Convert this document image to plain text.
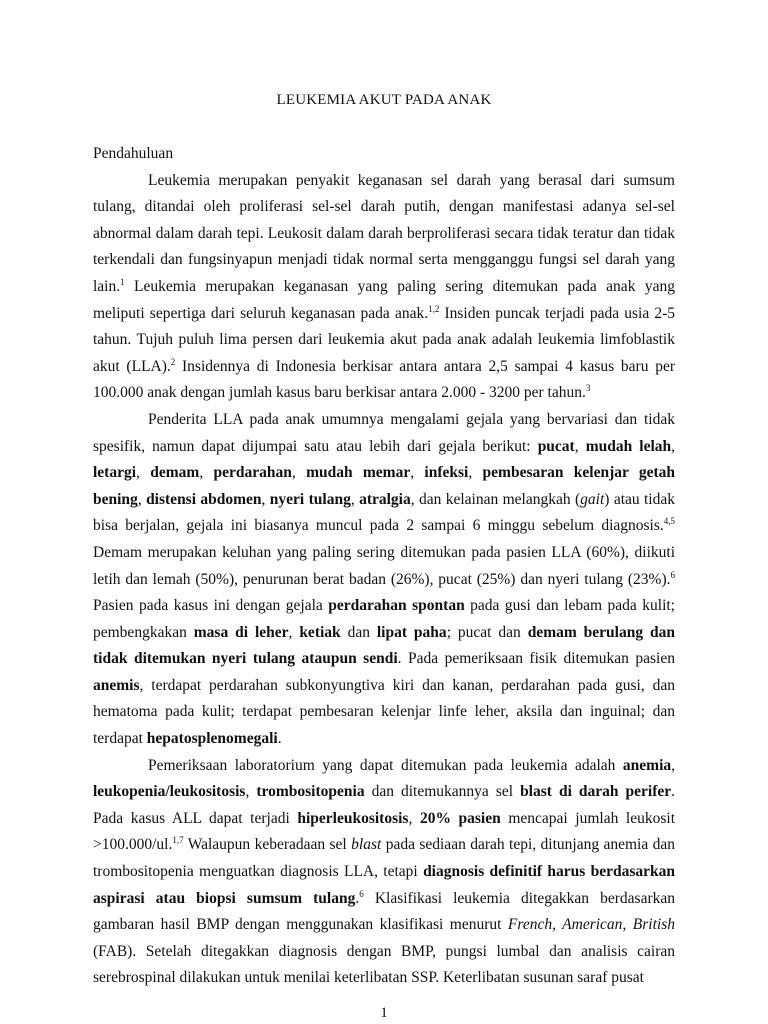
LEUKEMIA AKUT PADA ANAK

Pendahuluan

Leukemia merupakan penyakit keganasan sel darah yang berasal dari sumsum tulang, ditandai oleh proliferasi sel-sel darah putih, dengan manifestasi adanya sel-sel abnormal dalam darah tepi. Leukosit dalam darah berproliferasi secara tidak teratur dan tidak terkendali dan fungsinyapun menjadi tidak normal serta mengganggu fungsi sel darah yang lain.$^1$ Leukemia merupakan keganasan yang paling sering ditemukan pada anak yang meliputi sepertiga dari seluruh keganasan pada anak.$^{1,2}$ Insiden puncak terjadi pada usia 2-5 tahun. Tujuh puluh lima persen dari leukemia akut pada anak adalah leukemia limfoblastik akut (LLA).$^2$ Insidennya di Indonesia berkisar antara antara 2,5 sampai 4 kasus baru per 100.000 anak dengan jumlah kasus baru berkisar antara 2.000 - 3200 per tahun.$^3$

Penderita LLA pada anak umumnya mengalami gejala yang bervariasi dan tidak spesifik, namun dapat dijumpai satu atau lebih dari gejala berikut: pucat, mudah lelah, letargi, demam, perdarahan, mudah memar, infeksi, pembesaran kelenjar getah bening, distensi abdomen, nyeri tulang, atralgia, dan kelainan melangkah (gait) atau tidak bisa berjalan, gejala ini biasanya muncul pada 2 sampai 6 minggu sebelum diagnosis.$^{4,5}$ Demam merupakan keluhan yang paling sering ditemukan pada pasien LLA (60%), diikuti letih dan lemah (50%), penurunan berat badan (26%), pucat (25%) dan nyeri tulang (23%).$^6$ Pasien pada kasus ini dengan gejala perdarahan spontan pada gusi dan lebam pada kulit; pembengkakan masa di leher, ketiak dan lipat paha; pucat dan demam berulang dan tidak ditemukan nyeri tulang ataupun sendi. Pada pemeriksaan fisik ditemukan pasien anemis, terdapat perdarahan subkonyungtiva kiri dan kanan, perdarahan pada gusi, dan hematoma pada kulit; terdapat pembesaran kelenjar linfe leher, aksila dan inguinal; dan terdapat hepatosplenomegali.

Pemeriksaan laboratorium yang dapat ditemukan pada leukemia adalah anemia, leukopenia/leukositosis, trombositopenia dan ditemukannya sel blast di darah perifer. Pada kasus ALL dapat terjadi hiperleukositosis, 20% pasien mencapai jumlah leukosit >100.000/ul.$^{1,7}$ Walaupun keberadaan sel blast pada sediaan darah tepi, ditunjang anemia dan trombositopenia menguatkan diagnosis LLA, tetapi diagnosis definitif harus berdasarkan aspirasi atau biopsi sumsum tulang.$^6$ Klasifikasi leukemia ditegakkan berdasarkan gambaran hasil BMP dengan menggunakan klasifikasi menurut French, American, British (FAB). Setelah ditegakkan diagnosis dengan BMP, pungsi lumbal dan analisis cairan serebrospinal dilakukan untuk menilai keterlibatan SSP. Keterlibatan susunan saraf pusat

1
